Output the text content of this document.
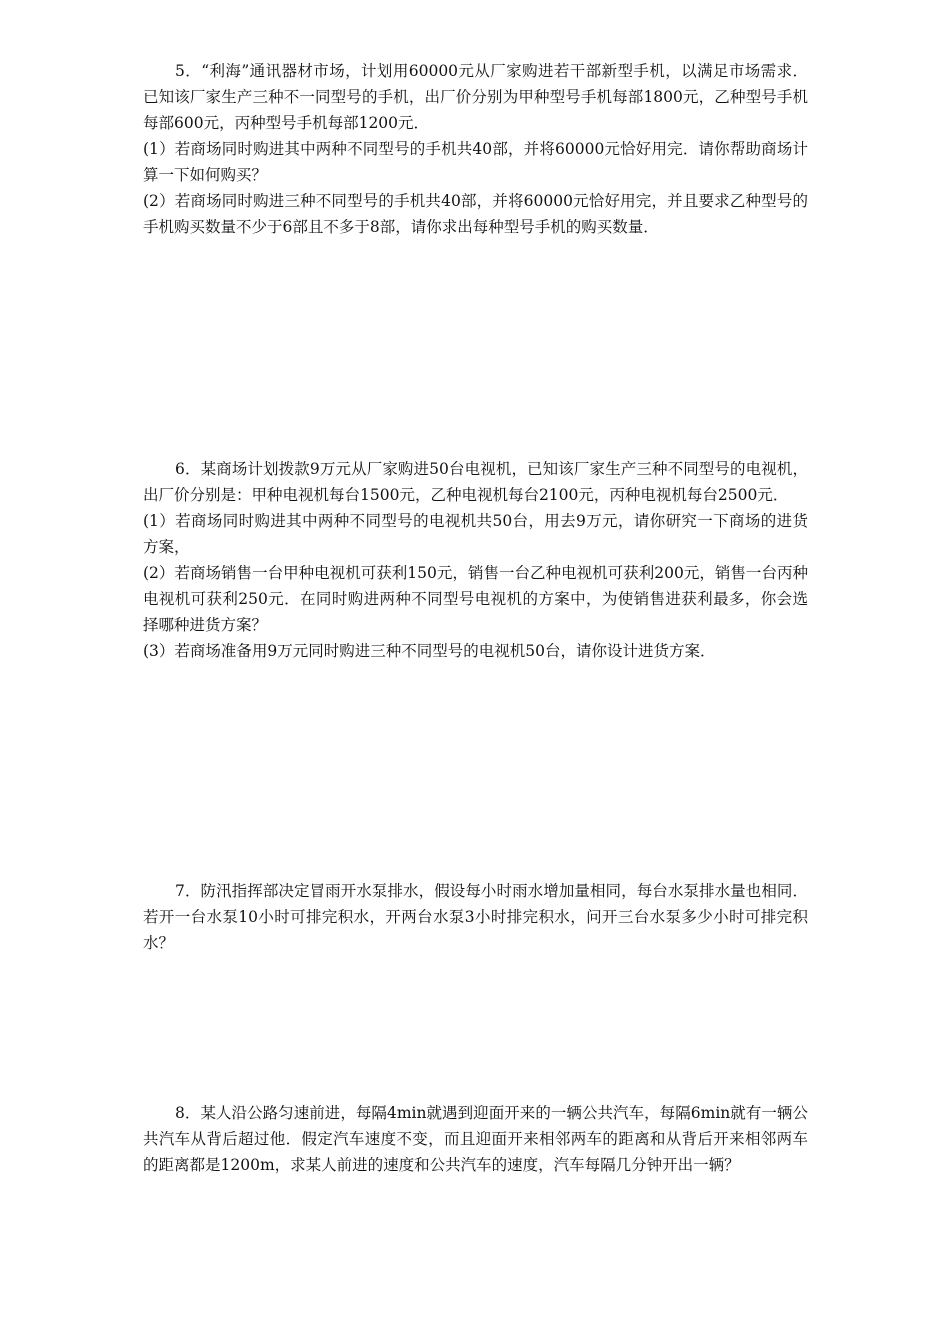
5．“利海”通讯器材市场，计划用60000元从厂家购进若干部新型手机，以满足市场需求．已知该厂家生产三种不一同型号的手机，出厂价分别为甲种型号手机每部1800元，乙种型号手机每部600元，丙种型号手机每部1200元．

(1）若商场同时购进其中两种不同型号的手机共40部，并将60000元恰好用完．请你帮助商场计算一下如何购买？

(2）若商场同时购进三种不同型号的手机共40部，并将60000元恰好用完，并且要求乙种型号的手机购买数量不少于6部且不多于8部，请你求出每种型号手机的购买数量．

6．某商场计划拨款9万元从厂家购进50台电视机，已知该厂家生产三种不同型号的电视机，出厂价分别是：甲种电视机每台1500元，乙种电视机每台2100元，丙种电视机每台2500元．

(1）若商场同时购进其中两种不同型号的电视机共50台，用去9万元，请你研究一下商场的进货方案，

(2）若商场销售一台甲种电视机可获利150元，销售一台乙种电视机可获利200元，销售一台丙种电视机可获利250元．在同时购进两种不同型号电视机的方案中，为使销售进获利最多，你会选择哪种进货方案？

(3）若商场准备用9万元同时购进三种不同型号的电视机50台，请你设计进货方案．

7．防汛指挥部决定冒雨开水泵排水，假设每小时雨水增加量相同，每台水泵排水量也相同．若开一台水泵10小时可排完积水，开两台水泵3小时排完积水，问开三台水泵多少小时可排完积水？

8．某人沿公路匀速前进，每隔4min就遇到迎面开来的一辆公共汽车，每隔6min就有一辆公共汽车从背后超过他．假定汽车速度不变，而且迎面开来相邻两车的距离和从背后开来相邻两车的距离都是1200m，求某人前进的速度和公共汽车的速度，汽车每隔几分钟开出一辆？
